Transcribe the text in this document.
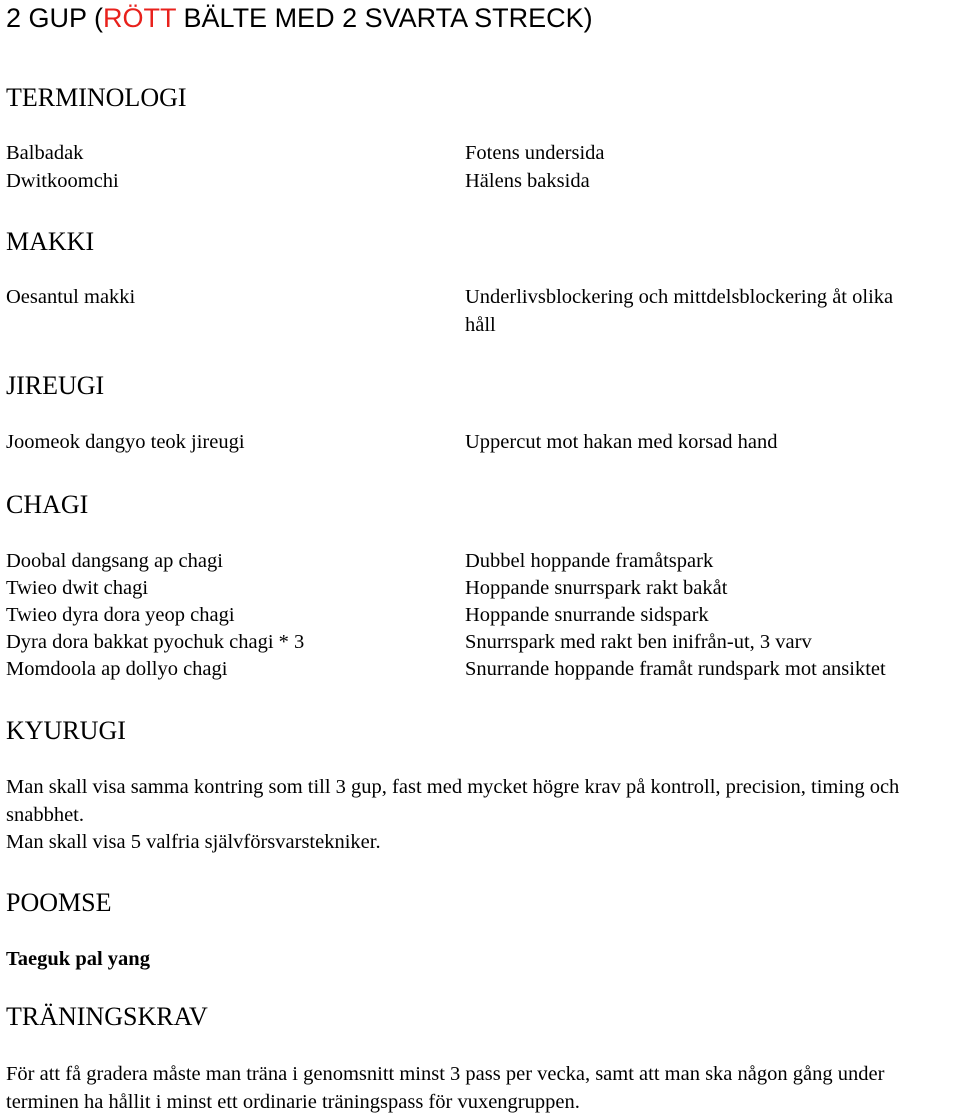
2 GUP (RÖTT BÄLTE MED 2 SVARTA STRECK)
TERMINOLOGI
Balbadak	Fotens undersida
Dwitkoomchi	Hälens baksida
MAKKI
Oesantul makki	Underlivsblockering och mittdelsblockering åt olika
håll
JIREUGI
Joomeok dangyo teok jireugi	Uppercut mot hakan med korsad hand
CHAGI
Doobal dangsang ap chagi	Dubbel hoppande framåtspark
Twieo dwit chagi	Hoppande snurrspark rakt bakåt
Twieo dyra dora yeop chagi	Hoppande snurrande sidspark
Dyra dora bakkat pyochuk chagi * 3	Snurrspark med rakt ben inifrån-ut, 3 varv
Momdoola ap dollyo chagi	Snurrande hoppande framåt rundspark mot ansiktet
KYURUGI
Man skall visa samma kontring som till 3 gup, fast med mycket högre krav på kontroll, precision, timing och snabbhet.
Man skall visa 5 valfria självförsvarstekniker.
POOMSE
Taeguk pal yang
TRÄNINGSKRAV
För att få gradera måste man träna i genomsnitt minst 3 pass per vecka, samt att man ska någon gång under terminen ha hållit i minst ett ordinarie träningspass för vuxengruppen.
